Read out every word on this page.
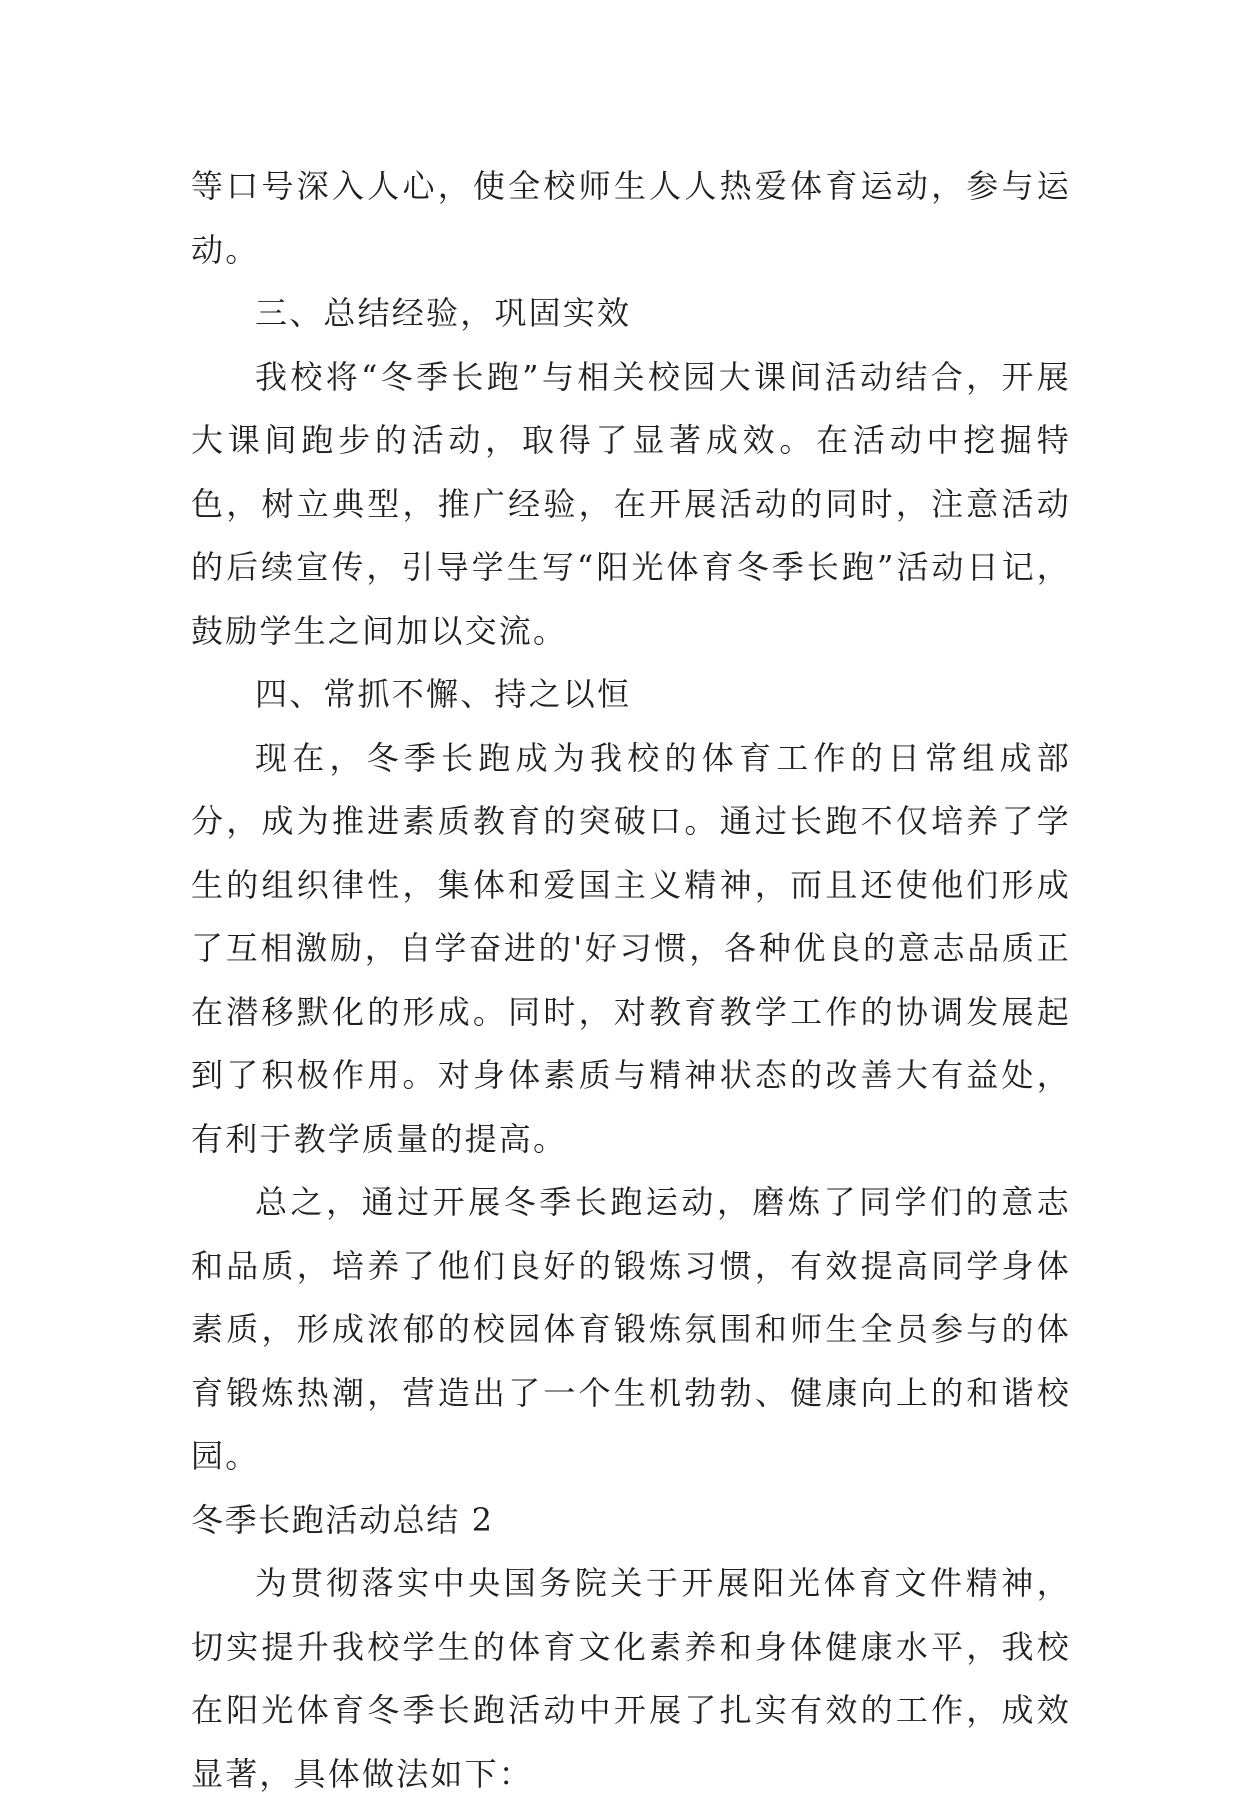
等口号深入人心，使全校师生人人热爱体育运动，参与运动。

三、总结经验，巩固实效

我校将“冬季长跑”与相关校园大课间活动结合，开展大课间跑步的活动，取得了显著成效。在活动中挖掘特色，树立典型，推广经验，在开展活动的同时，注意活动的后续宣传，引导学生写“阳光体育冬季长跑”活动日记，鼓励学生之间加以交流。

四、常抓不懈、持之以恒

现在，冬季长跑成为我校的体育工作的日常组成部分，成为推进素质教育的突破口。通过长跑不仅培养了学生的组织律性，集体和爱国主义精神，而且还使他们形成了互相激励，自学奋进的'好习惯，各种优良的意志品质正在潜移默化的形成。同时，对教育教学工作的协调发展起到了积极作用。对身体素质与精神状态的改善大有益处，有利于教学质量的提高。

总之，通过开展冬季长跑运动，磨炼了同学们的意志和品质，培养了他们良好的锻炼习惯，有效提高同学身体素质，形成浓郁的校园体育锻炼氛围和师生全员参与的体育锻炼热潮，营造出了一个生机勃勃、健康向上的和谐校园。

冬季长跑活动总结 2

为贯彻落实中央国务院关于开展阳光体育文件精神，切实提升我校学生的体育文化素养和身体健康水平，我校在阳光体育冬季长跑活动中开展了扎实有效的工作，成效显著，具体做法如下：
